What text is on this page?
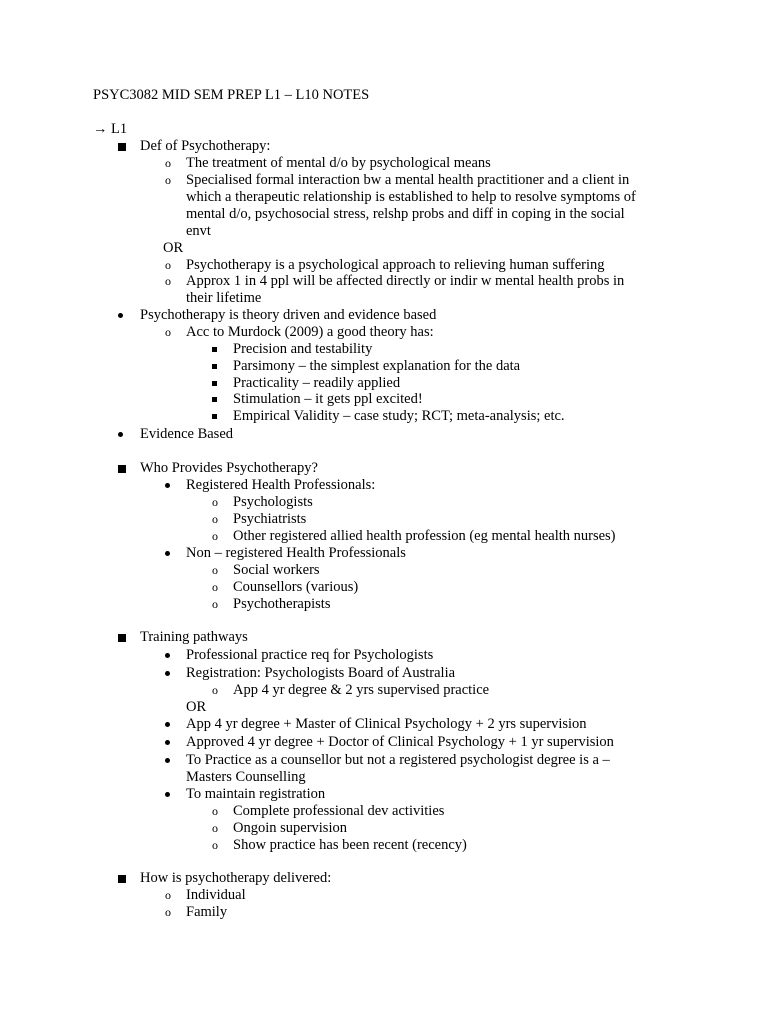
PSYC3082 MID SEM PREP L1 – L10 NOTES
→ L1
Def of Psychotherapy:
o The treatment of mental d/o by psychological means
o Specialised formal interaction bw a mental health practitioner and a client in
which a therapeutic relationship is established to help to resolve symptoms of
mental d/o, psychosocial stress, relshp probs and diff in coping in the social
envt
OR
o Psychotherapy is a psychological approach to relieving human suffering
o Approx 1 in 4 ppl will be affected directly or indir w mental health probs in
their lifetime
Psychotherapy is theory driven and evidence based
o Acc to Murdock (2009) a good theory has:
Precision and testability
Parsimony – the simplest explanation for the data
Practicality – readily applied
Stimulation – it gets ppl excited!
Empirical Validity – case study; RCT; meta-analysis; etc.
Evidence Based
Who Provides Psychotherapy?
Registered Health Professionals:
o Psychologists
o Psychiatrists
o Other registered allied health profession (eg mental health nurses)
Non – registered Health Professionals
o Social workers
o Counsellors (various)
o Psychotherapists
Training pathways
Professional practice req for Psychologists
Registration: Psychologists Board of Australia
o App 4 yr degree & 2 yrs supervised practice
OR
App 4 yr degree + Master of Clinical Psychology + 2 yrs supervision
Approved 4 yr degree + Doctor of Clinical Psychology + 1 yr supervision
To Practice as a counsellor but not a registered psychologist degree is a –
Masters Counselling
To maintain registration
o Complete professional dev activities
o Ongoin supervision
o Show practice has been recent (recency)
How is psychotherapy delivered:
o Individual
o Family
